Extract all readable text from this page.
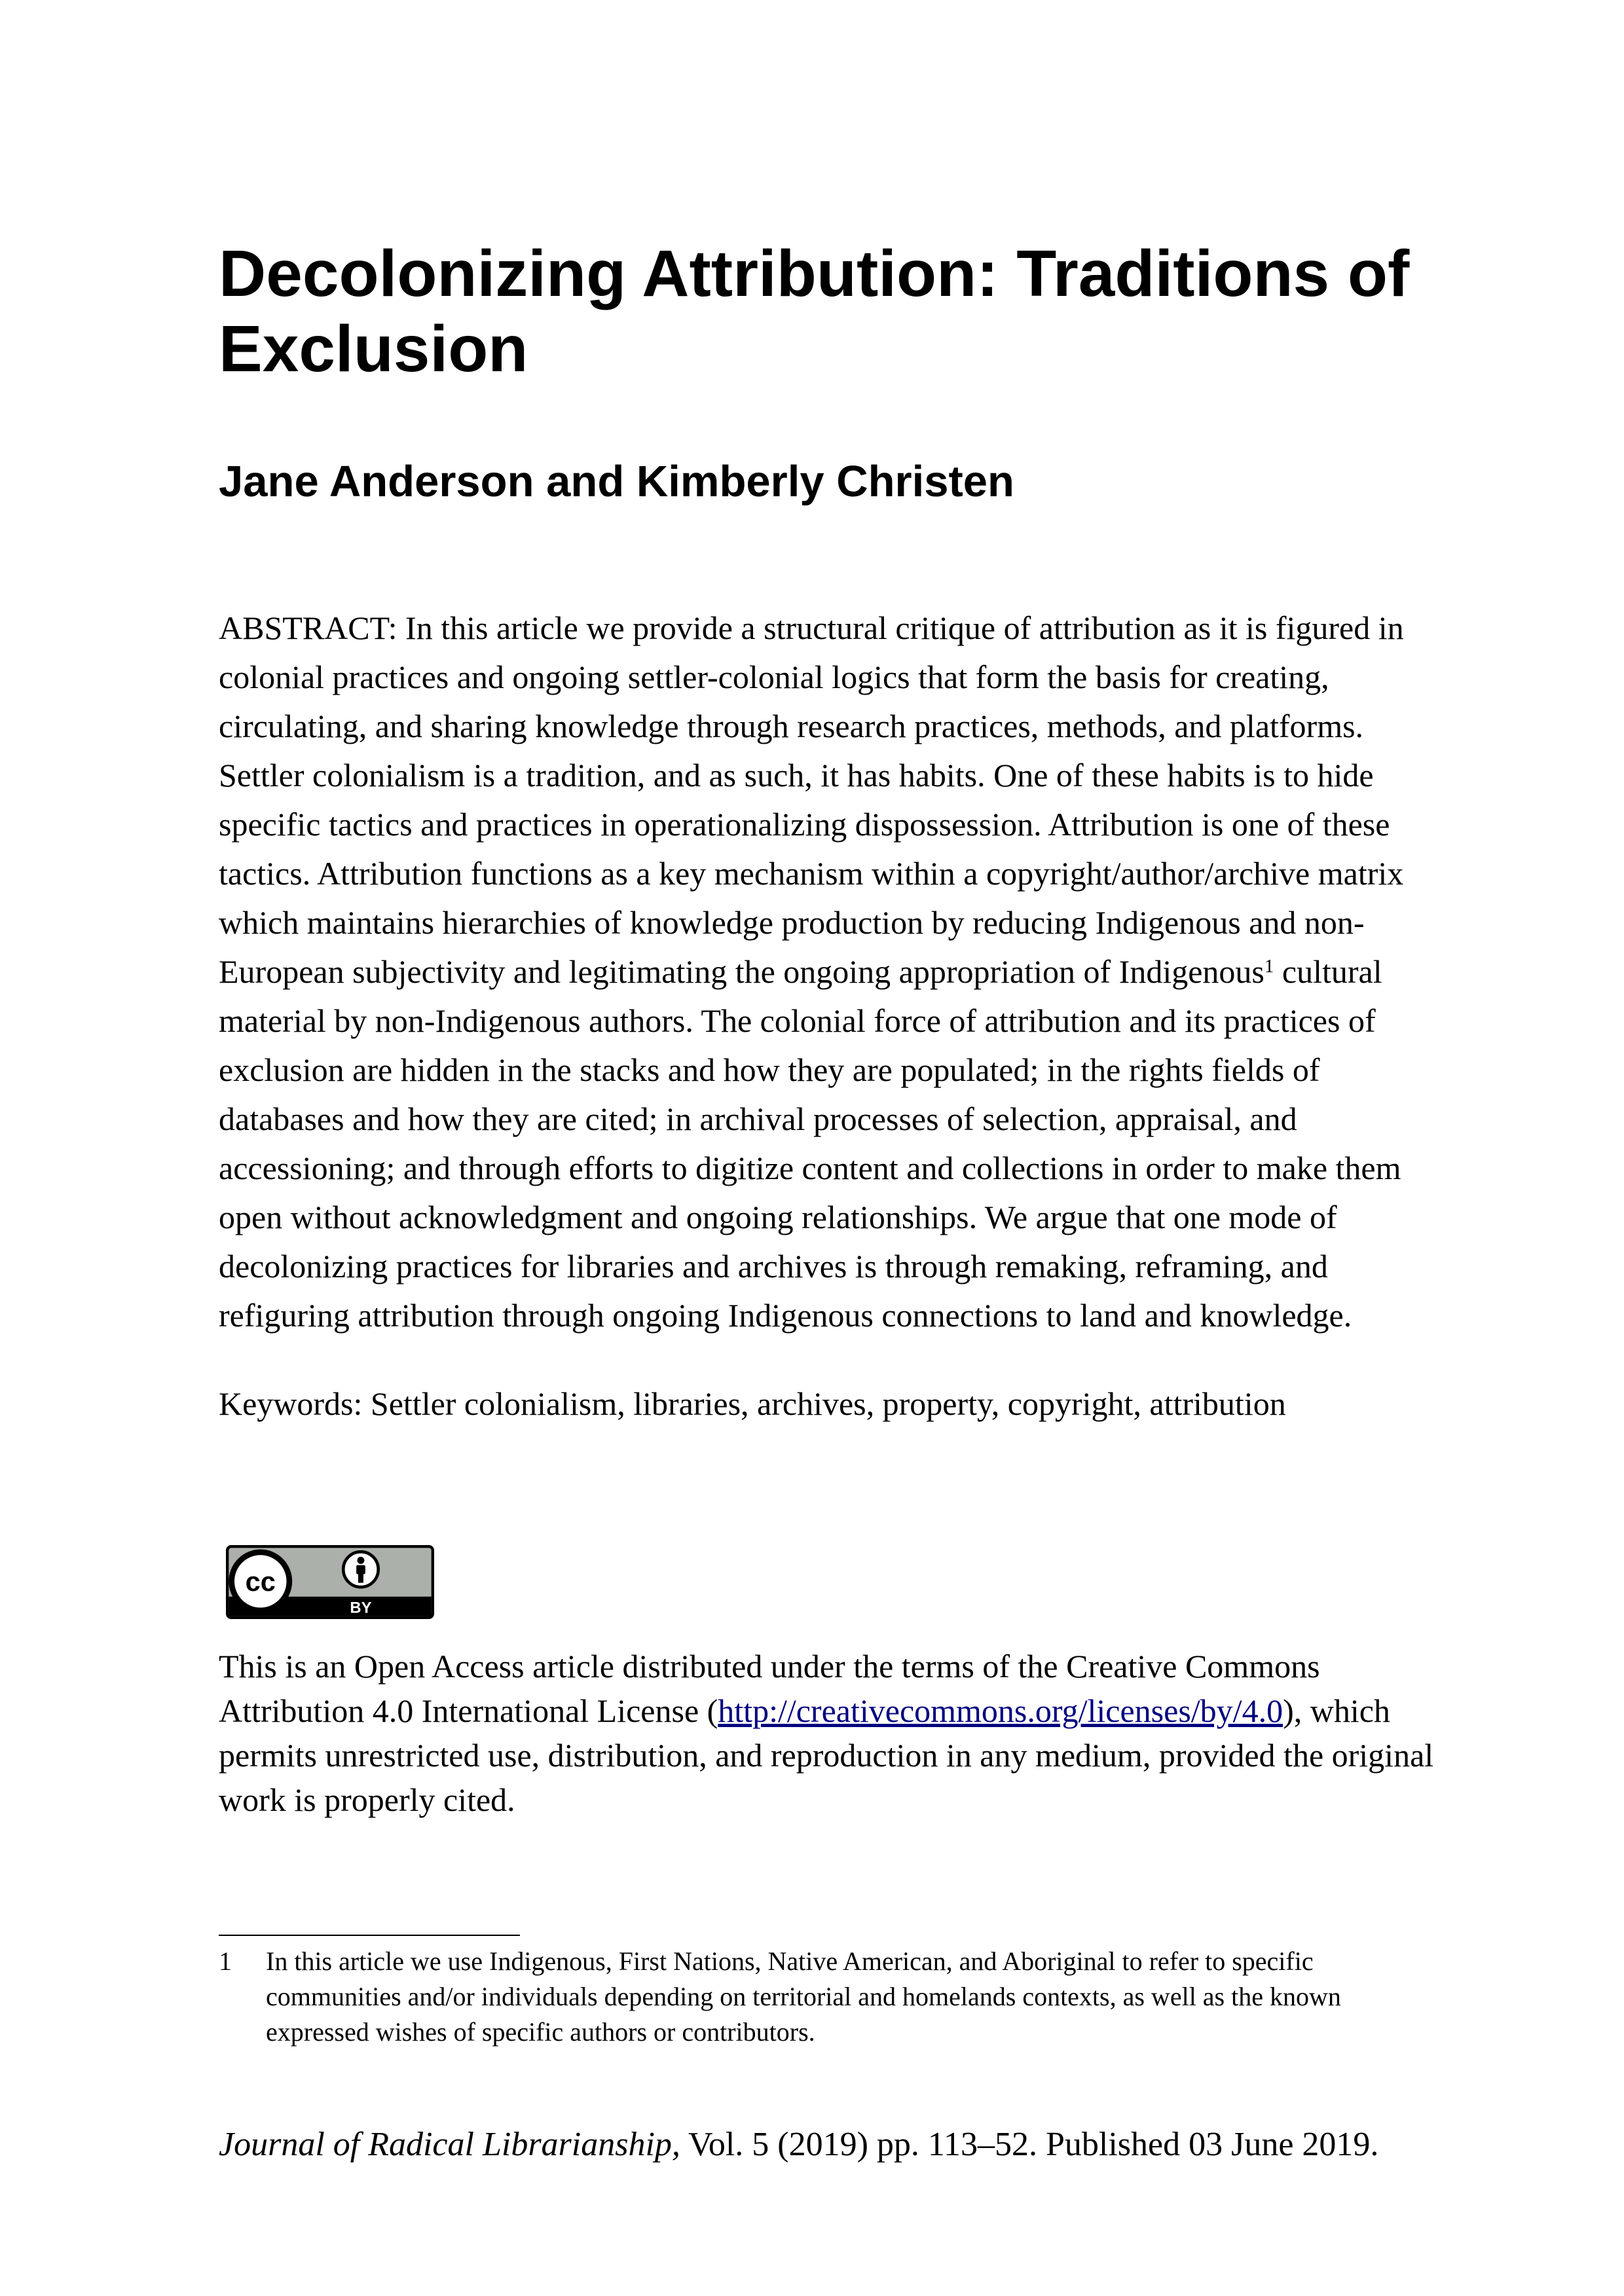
Decolonizing Attribution: Traditions of
Exclusion
Jane Anderson and Kimberly Christen
ABSTRACT: In this article we provide a structural critique of attribution as it is figured in
colonial practices and ongoing settler-colonial logics that form the basis for creating,
circulating, and sharing knowledge through research practices, methods, and platforms.
Settler colonialism is a tradition, and as such, it has habits. One of these habits is to hide
specific tactics and practices in operationalizing dispossession. Attribution is one of these
tactics. Attribution functions as a key mechanism within a copyright/author/archive matrix
which maintains hierarchies of knowledge production by reducing Indigenous and non-
European subjectivity and legitimating the ongoing appropriation of Indigenous$^1$ cultural
material by non-Indigenous authors. The colonial force of attribution and its practices of
exclusion are hidden in the stacks and how they are populated; in the rights fields of
databases and how they are cited; in archival processes of selection, appraisal, and
accessioning; and through efforts to digitize content and collections in order to make them
open without acknowledgment and ongoing relationships. We argue that one mode of
decolonizing practices for libraries and archives is through remaking, reframing, and
refiguring attribution through ongoing Indigenous connections to land and knowledge.
Keywords: Settler colonialism, libraries, archives, property, copyright, attribution
cc
BY
This is an Open Access article distributed under the terms of the Creative Commons
Attribution 4.0 International License (http://creativecommons.org/licenses/by/4.0), which
permits unrestricted use, distribution, and reproduction in any medium, provided the original
work is properly cited.
1 In this article we use Indigenous, First Nations, Native American, and Aboriginal to refer to specific
communities and/or individuals depending on territorial and homelands contexts, as well as the known
expressed wishes of specific authors or contributors.
Journal of Radical Librarianship, Vol. 5 (2019) pp. 113–52. Published 03 June 2019.
